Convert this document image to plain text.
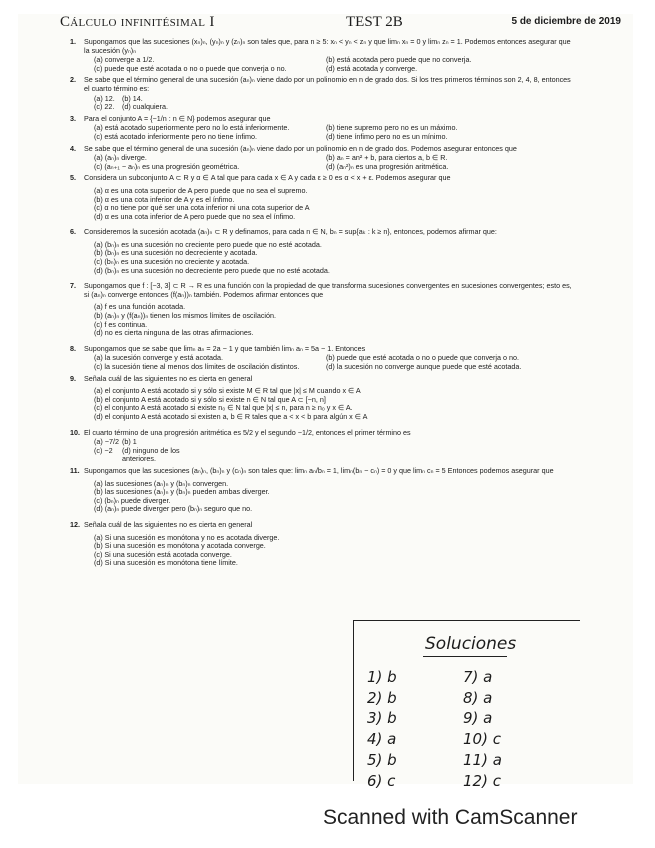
Cálculo infinitésimal I	TEST 2B	5 de diciembre de 2019
1. Supongamos que las sucesiones (xₙ)ₙ, (yₙ)ₙ y (zₙ)ₙ son tales que, para n ≥ 5: xₙ < yₙ < zₙ y que limₙ xₙ = 0 y limₙ zₙ = 1. Podemos entonces asegurar que la sucesión (yₙ)ₙ
(a) converge a 1/2.	(b) está acotada pero puede que no converja.
(c) puede que esté acotada o no o puede que converja o no.	(d) está acotada y converge.
2. Se sabe que el término general de una sucesión (aₙ)ₙ viene dado por un polinomio en n de grado dos. Si los tres primeros términos son 2, 4, 8, entonces el cuarto término es:
(a) 12.	(b) 14.
(c) 22.	(d) cualquiera.
3. Para el conjunto A = {−1/n : n ∈ N} podemos asegurar que
(a) está acotado superiormente pero no lo está inferiormente.	(b) tiene supremo pero no es un máximo.
(c) está acotado inferiormente pero no tiene ínfimo.	(d) tiene ínfimo pero no es un mínimo.
4. Se sabe que el término general de una sucesión (aₙ)ₙ viene dado por un polinomio en n de grado dos. Podemos asegurar entonces que
(a) (aₙ)ₙ diverge.	(b) aₙ = an² + b, para ciertos a, b ∈ R.
(c) (aₙ₊₁ − aₙ)ₙ es una progresión geométrica.	(d) (aₙ²)ₙ es una progresión aritmética.
5. Considera un subconjunto A ⊂ R y α ∈ A tal que para cada x ∈ A y cada ε ≥ 0 es α < x + ε. Podemos asegurar que
(a) α es una cota superior de A pero puede que no sea el supremo.
(b) α es una cota inferior de A y es el ínfimo.
(c) α no tiene por qué ser una cota inferior ni una cota superior de A
(d) α es una cota inferior de A pero puede que no sea el ínfimo.
6. Consideremos la sucesión acotada (aₙ)ₙ ⊂ R y definamos, para cada n ∈ N, bₙ = sup{aₖ : k ≥ n}, entonces, podemos afirmar que:
(a) (bₙ)ₙ es una sucesión no creciente pero puede que no esté acotada.
(b) (bₙ)ₙ es una sucesión no decreciente y acotada.
(c) (bₙ)ₙ es una sucesión no creciente y acotada.
(d) (bₙ)ₙ es una sucesión no decreciente pero puede que no esté acotada.
7. Supongamos que f : [−3, 3] ⊂ R → R es una función con la propiedad de que transforma sucesiones convergentes en sucesiones convergentes; esto es, si (aₙ)ₙ converge entonces (f(aₙ))ₙ también. Podemos afirmar entonces que
(a) f es una función acotada.
(b) (aₙ)ₙ y (f(aₙ))ₙ tienen los mismos límites de oscilación.
(c) f es continua.
(d) no es cierta ninguna de las otras afirmaciones.
8. Supongamos que se sabe que limₙ aₙ = 2a − 1 y que también limₙ aₙ = 5a − 1. Entonces
(a) la sucesión converge y está acotada.	(b) puede que esté acotada o no o puede que converja o no.
(c) la sucesión tiene al menos dos límites de oscilación distintos.	(d) la sucesión no converge aunque puede que esté acotada.
9. Señala cuál de las siguientes no es cierta en general
(a) el conjunto A está acotado si y sólo si existe M ∈ R tal que |x| ≤ M cuando x ∈ A
(b) el conjunto A está acotado si y sólo si existe n ∈ N tal que A ⊂ [−n, n]
(c) el conjunto A está acotado si existe n₀ ∈ N tal que |x| ≤ n, para n ≥ n₀ y x ∈ A.
(d) el conjunto A está acotado si existen a, b ∈ R tales que a < x < b para algún x ∈ A
10. El cuarto término de una progresión aritmética es 5/2 y el segundo −1/2, entonces el primer término es
(a) −7/2 (b) 1
(c) −2	(d) ninguno de los anteriores.
11. Supongamos que las sucesiones (aₙ)ₙ, (bₙ)ₙ y (cₙ)ₙ son tales que: limₙ aₙ/bₙ = 1, limₙ(bₙ − cₙ) = 0 y que limₙ cₙ = 5 Entonces podemos asegurar que
(a) las sucesiones (aₙ)ₙ y (bₙ)ₙ convergen.
(b) las sucesiones (aₙ)ₙ y (bₙ)ₙ pueden ambas diverger.
(c) (bₙ)ₙ puede diverger.
(d) (aₙ)ₙ puede diverger pero (bₙ)ₙ seguro que no.
12. Señala cuál de las siguientes no es cierta en general
(a) Si una sucesión es monótona y no es acotada diverge.
(b) Si una sucesión es monótona y acotada converge.
(c) Si una sucesión está acotada converge.
(d) Si una sucesión es monótona tiene límite.
Soluciones
1) b
2) b
3) b
4) a
5) b
6) c
7) a
8) a
9) a
10) c
11) a
12) c
Scanned with CamScanner
